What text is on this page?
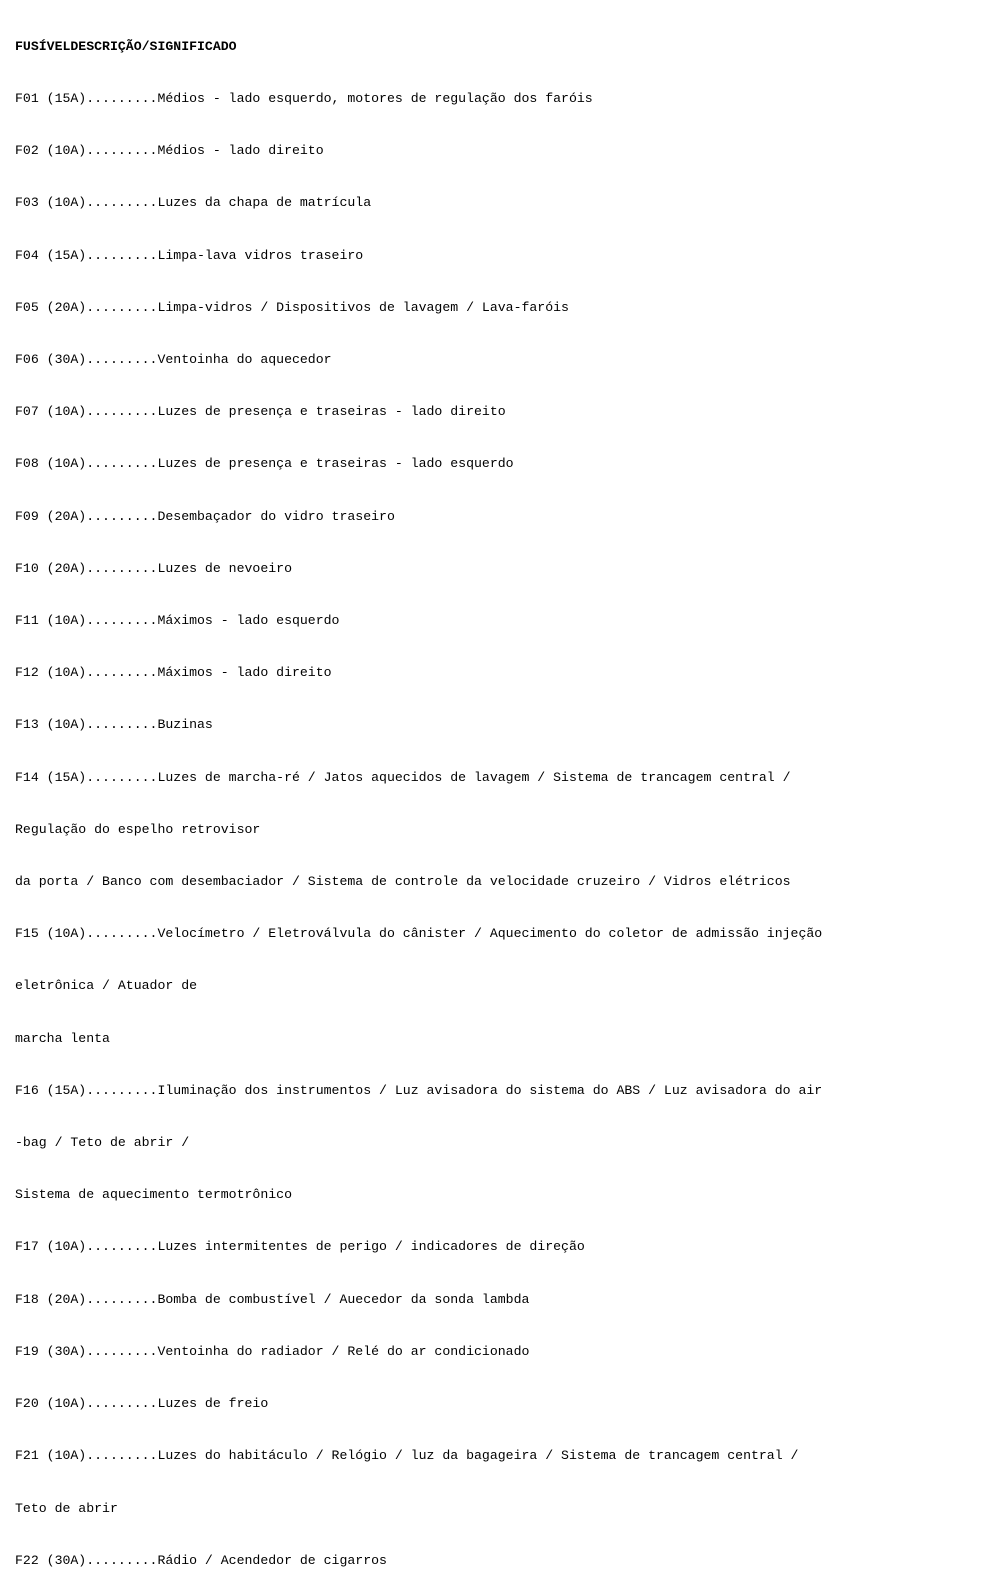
FUSÍVELDESCRIÇÃO/SIGNIFICADO

F01 (15A).........Médios - lado esquerdo, motores de regulação dos faróis

F02 (10A).........Médios - lado direito

F03 (10A).........Luzes da chapa de matrícula

F04 (15A).........Limpa-lava vidros traseiro

F05 (20A).........Limpa-vidros / Dispositivos de lavagem / Lava-faróis

F06 (30A).........Ventoinha do aquecedor

F07 (10A).........Luzes de presença e traseiras - lado direito

F08 (10A).........Luzes de presença e traseiras - lado esquerdo

F09 (20A).........Desembaçador do vidro traseiro

F10 (20A).........Luzes de nevoeiro

F11 (10A).........Máximos - lado esquerdo

F12 (10A).........Máximos - lado direito

F13 (10A).........Buzinas

F14 (15A).........Luzes de marcha-ré / Jatos aquecidos de lavagem / Sistema de trancagem central /

Regulação do espelho retrovisor

da porta / Banco com desembaciador / Sistema de controle da velocidade cruzeiro / Vidros elétricos

F15 (10A).........Velocímetro / Eletroválvula do cânister / Aquecimento do coletor de admissão injeção

eletrônica / Atuador de

marcha lenta

F16 (15A).........Iluminação dos instrumentos / Luz avisadora do sistema do ABS / Luz avisadora do air

-bag / Teto de abrir /

Sistema de aquecimento termotrônico

F17 (10A).........Luzes intermitentes de perigo / indicadores de direção

F18 (20A).........Bomba de combustível / Auecedor da sonda lambda

F19 (30A).........Ventoinha do radiador / Relé do ar condicionado

F20 (10A).........Luzes de freio

F21 (10A).........Luzes do habitáculo / Relógio / luz da bagageira / Sistema de trancagem central /

Teto de abrir

F22 (30A).........Rádio / Acendedor de cigarros
